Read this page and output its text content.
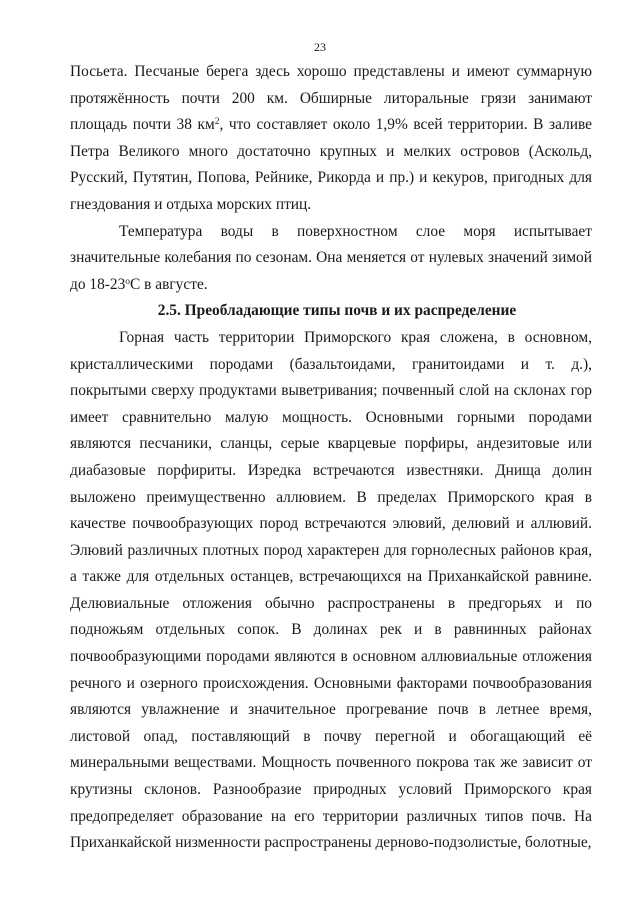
23

Посьета. Песчаные берега здесь хорошо представлены и имеют суммарную протяжённость почти 200 км. Обширные литоральные грязи занимают площадь почти 38 $км^2$, что составляет около 1,9% всей территории. В заливе Петра Великого много достаточно крупных и мелких островов (Аскольд, Русский, Путятин, Попова, Рейнике, Рикорда и пр.) и кекуров, пригодных для гнездования и отдыха морских птиц.

Температура воды в поверхностном слое моря испытывает значительные колебания по сезонам. Она меняется от нулевых значений зимой до $18-23^оС$ в августе.

2.5. Преобладающие типы почв и их распределение

Горная часть территории Приморского края сложена, в основном, кристаллическими породами (базальтоидами, гранитоидами и т. д.), покрытыми сверху продуктами выветривания; почвенный слой на склонах гор имеет сравнительно малую мощность. Основными горными породами являются песчаники, сланцы, серые кварцевые порфиры, андезитовые или диабазовые порфириты. Изредка встречаются известняки. Днища долин выложено преимущественно аллювием. В пределах Приморского края в качестве почвообразующих пород встречаются элювий, делювий и аллювий. Элювий различных плотных пород характерен для горнолесных районов края, а также для отдельных останцев, встречающихся на Приханкайской равнине. Делювиальные отложения обычно распространены в предгорьях и по подножьям отдельных сопок. В долинах рек и в равнинных районах почвообразующими породами являются в основном аллювиальные отложения речного и озерного происхождения. Основными факторами почвообразования являются увлажнение и значительное прогревание почв в летнее время, листовой опад, поставляющий в почву перегной и обогащающий её минеральными веществами. Мощность почвенного покрова так же зависит от крутизны склонов. Разнообразие природных условий Приморского края предопределяет образование на его территории различных типов почв. На Приханкайской низменности распространены дерново-подзолистые, болотные,
